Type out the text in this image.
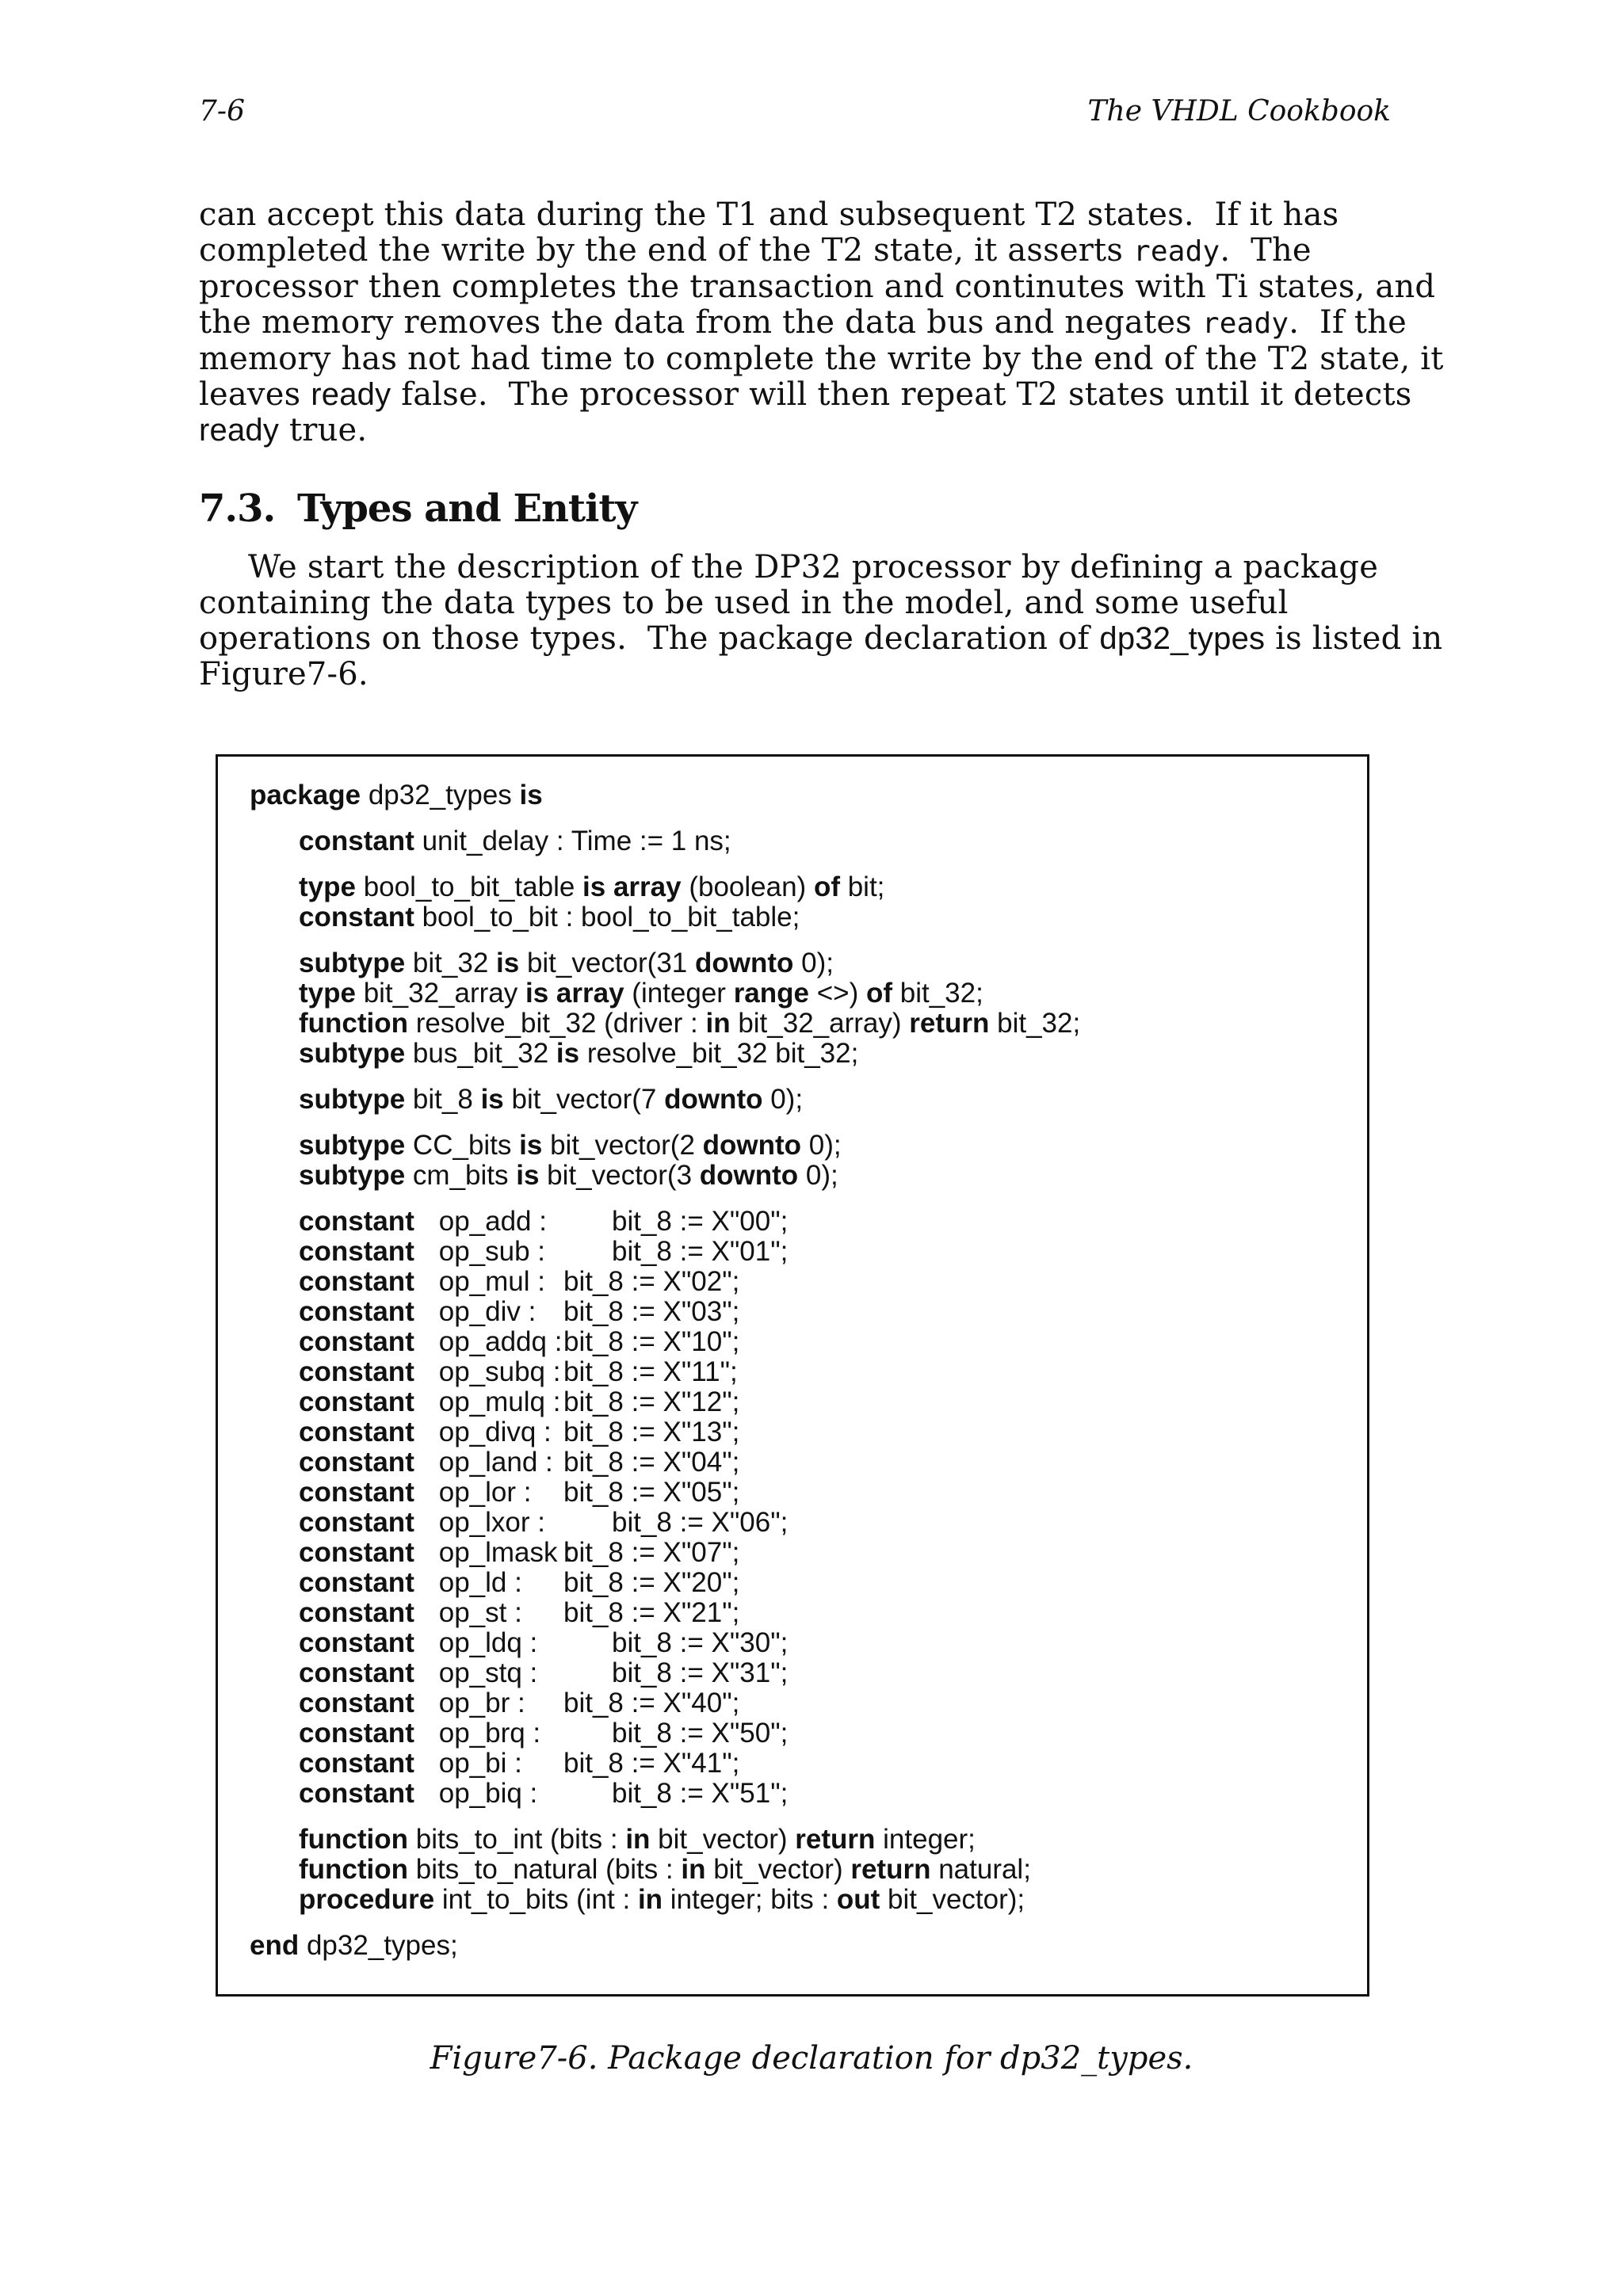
7-6	The VHDL Cookbook
can accept this data during the T1 and subsequent T2 states.  If it has
completed the write by the end of the T2 state, it asserts ready.  The
processor then completes the transaction and continutes with Ti states, and
the memory removes the data from the data bus and negates ready.  If the
memory has not had time to complete the write by the end of the T2 state, it
leaves ready false.  The processor will then repeat T2 states until it detects
ready true.
7.3. Types and Entity
We start the description of the DP32 processor by defining a package
containing the data types to be used in the model, and some useful
operations on those types.  The package declaration of dp32_types is listed in
Figure7-6.
package dp32_types is
constant unit_delay : Time := 1 ns;
type bool_to_bit_table is array (boolean) of bit;
constant bool_to_bit : bool_to_bit_table;
subtype bit_32 is bit_vector(31 downto 0);
type bit_32_array is array (integer range <>) of bit_32;
function resolve_bit_32 (driver : in bit_32_array) return bit_32;
subtype bus_bit_32 is resolve_bit_32 bit_32;
subtype bit_8 is bit_vector(7 downto 0);
subtype CC_bits is bit_vector(2 downto 0);
subtype cm_bits is bit_vector(3 downto 0);
constant op_add : bit_8 := X"00";
constant op_sub : bit_8 := X"01";
constant op_mul : bit_8 := X"02";
constant op_div : bit_8 := X"03";
constant op_addq :bit_8 := X"10";
constant op_subq : bit_8 := X"11";
constant op_mulq : bit_8 := X"12";
constant op_divq : bit_8 := X"13";
constant op_land : bit_8 := X"04";
constant op_lor : bit_8 := X"05";
constant op_lxor : bit_8 := X"06";
constant op_lmask :bit_8 := X"07";
constant op_ld : bit_8 := X"20";
constant op_st : bit_8 := X"21";
constant op_ldq :	bit_8 := X"30";
constant op_stq :	bit_8 := X"31";
constant op_br : bit_8 := X"40";
constant op_brq :	bit_8 := X"50";
constant op_bi : bit_8 := X"41";
constant op_biq :	bit_8 := X"51";
function bits_to_int (bits : in bit_vector) return integer;
function bits_to_natural (bits : in bit_vector) return natural;
procedure int_to_bits (int : in integer; bits : out bit_vector);
end dp32_types;
Figure7-6. Package declaration for dp32_types.
